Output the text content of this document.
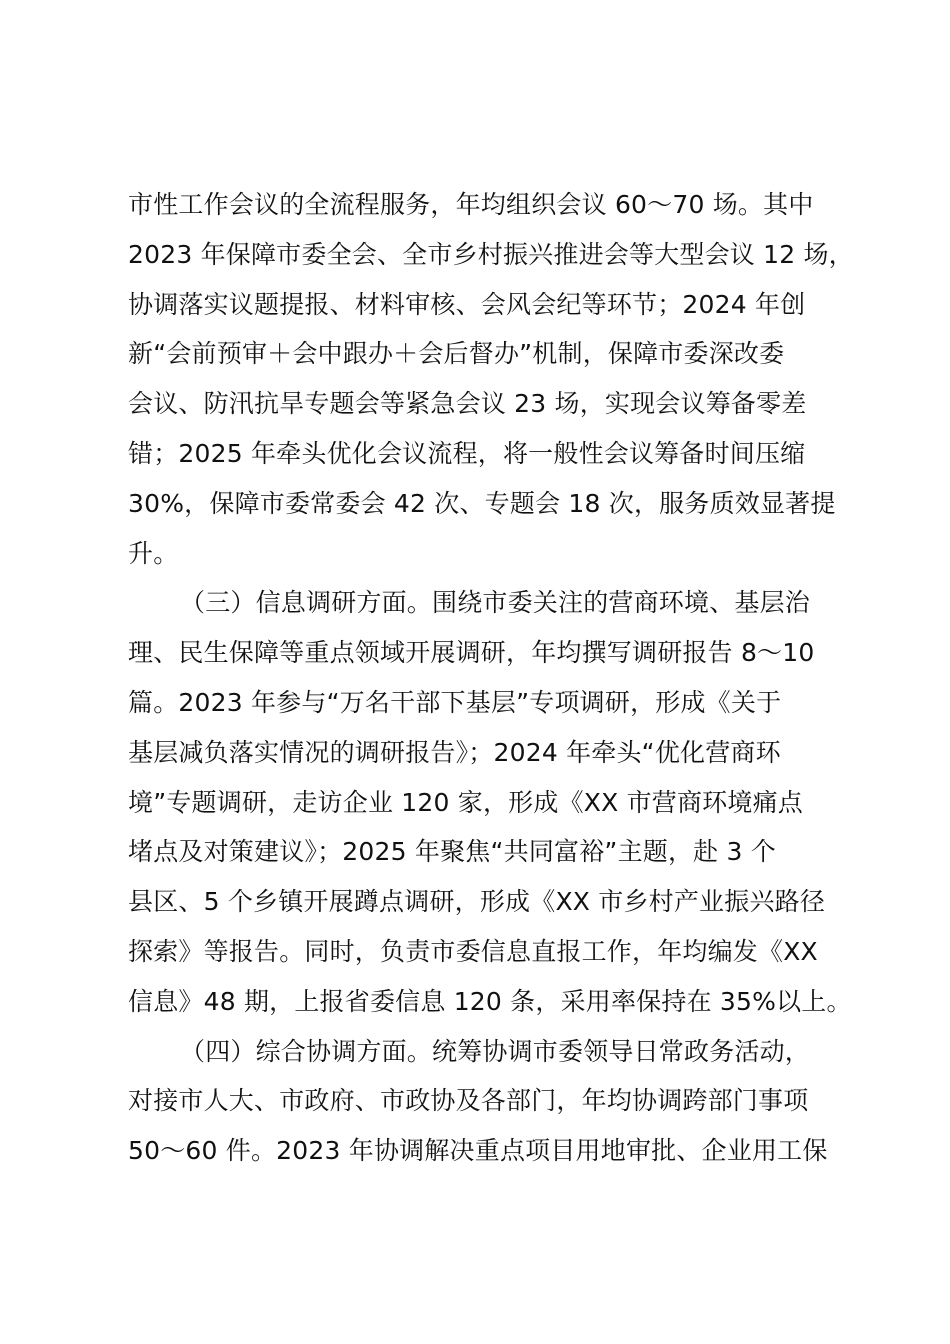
市性工作会议的全流程服务，年均组织会议 60～70 场。其中
2023 年保障市委全会、全市乡村振兴推进会等大型会议 12 场，
协调落实议题提报、材料审核、会风会纪等环节；2024 年创
新“会前预审＋会中跟办＋会后督办”机制，保障市委深改委
会议、防汛抗旱专题会等紧急会议 23 场，实现会议筹备零差
错；2025 年牵头优化会议流程，将一般性会议筹备时间压缩
30%，保障市委常委会 42 次、专题会 18 次，服务质效显著提
升。
（三）信息调研方面。围绕市委关注的营商环境、基层治
理、民生保障等重点领域开展调研，年均撰写调研报告 8～10
篇。2023 年参与“万名干部下基层”专项调研，形成《关于
基层减负落实情况的调研报告》；2024 年牵头“优化营商环
境”专题调研，走访企业 120 家，形成《XX 市营商环境痛点
堵点及对策建议》；2025 年聚焦“共同富裕”主题，赴 3 个
县区、5 个乡镇开展蹲点调研，形成《XX 市乡村产业振兴路径
探索》等报告。同时，负责市委信息直报工作，年均编发《XX
信息》48 期，上报省委信息 120 条，采用率保持在 35%以上。
（四）综合协调方面。统筹协调市委领导日常政务活动，
对接市人大、市政府、市政协及各部门，年均协调跨部门事项
50～60 件。2023 年协调解决重点项目用地审批、企业用工保
